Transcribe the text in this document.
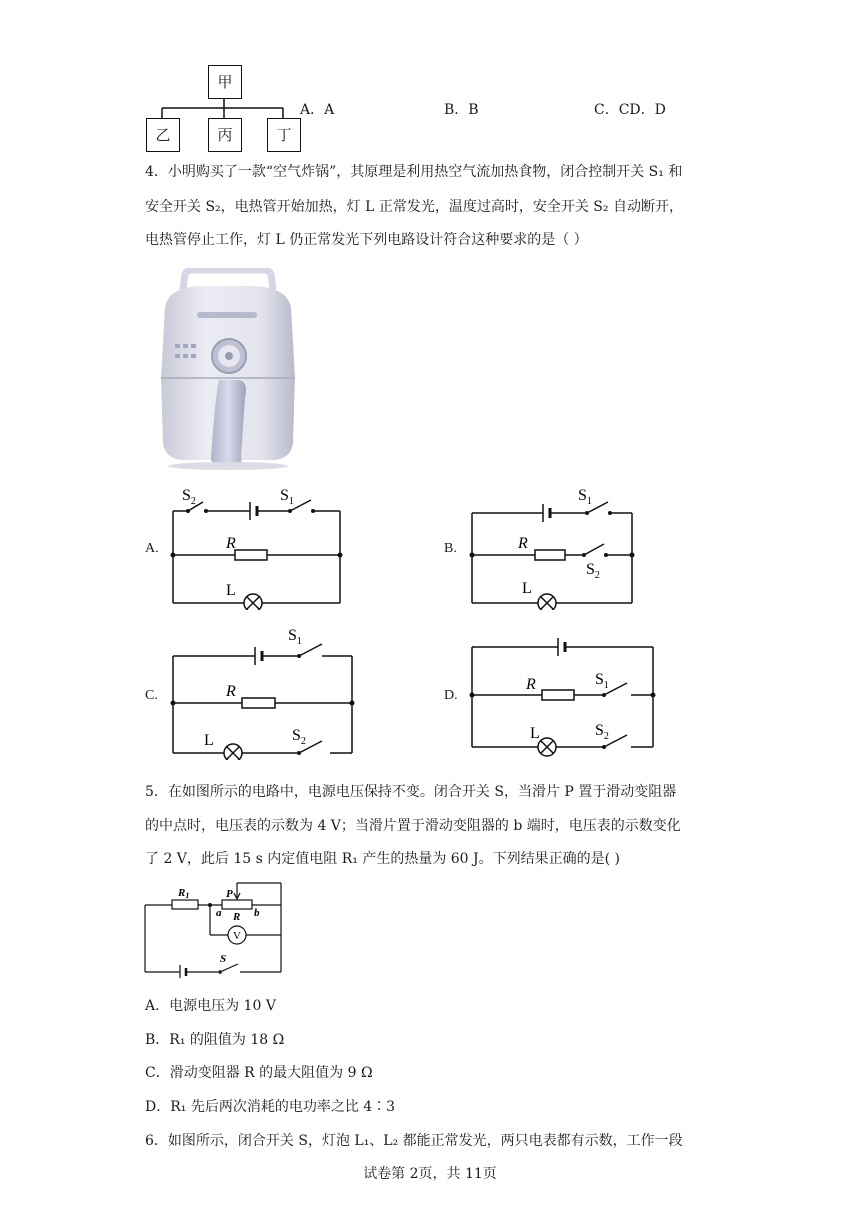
甲
乙	丙	丁
A．A	B．B	C．CD．D
4．小明购买了一款“空气炸锅”，其原理是利用热空气流加热食物，闭合控制开关 S₁ 和
安全开关 S₂，电热管开始加热，灯 L 正常发光，温度过高时，安全开关 S₂ 自动断开，
电热管停止工作，灯 L 仍正常发光下列电路设计符合这种要求的是（ ）
$S_2$	$S_1$
R
L
A.
$S_1$
R
$S_2$
L
B.
$S_1$
R
L	$S_2$
C.
$S_1$
R
L	$S_2$
D.
5．在如图所示的电路中，电源电压保持不变。闭合开关 S，当滑片 P 置于滑动变阻器
的中点时，电压表的示数为 4 V；当滑片置于滑动变阻器的 b 端时，电压表的示数变化
了 2 V，此后 15 s 内定值电阻 R₁ 产生的热量为 60 J。下列结果正确的是( )
R1	P
a R b
V
S
A．电源电压为 10 V
B．R₁ 的阻值为 18 Ω
C．滑动变阻器 R 的最大阻值为 9 Ω
D．R₁ 先后两次消耗的电功率之比 4∶3
6．如图所示，闭合开关 S，灯泡 L₁、L₂ 都能正常发光，两只电表都有示数，工作一段
试卷第 2页，共 11页
